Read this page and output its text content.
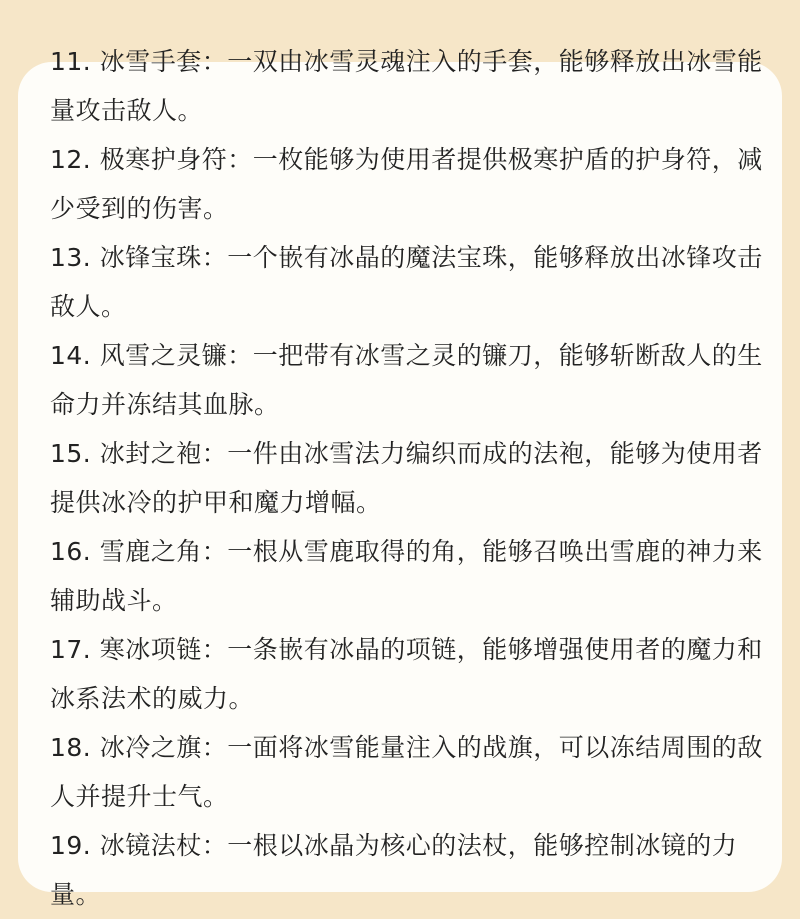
11. 冰雪手套：一双由冰雪灵魂注入的手套，能够释放出冰雪能量攻击敌人。
12. 极寒护身符：一枚能够为使用者提供极寒护盾的护身符，减少受到的伤害。
13. 冰锋宝珠：一个嵌有冰晶的魔法宝珠，能够释放出冰锋攻击敌人。
14. 风雪之灵镰：一把带有冰雪之灵的镰刀，能够斩断敌人的生命力并冻结其血脉。
15. 冰封之袍：一件由冰雪法力编织而成的法袍，能够为使用者提供冰冷的护甲和魔力增幅。
16. 雪鹿之角：一根从雪鹿取得的角，能够召唤出雪鹿的神力来辅助战斗。
17. 寒冰项链：一条嵌有冰晶的项链，能够增强使用者的魔力和冰系法术的威力。
18. 冰冷之旗：一面将冰雪能量注入的战旗，可以冻结周围的敌人并提升士气。
19. 冰镜法杖：一根以冰晶为核心的法杖，能够控制冰镜的力量。
